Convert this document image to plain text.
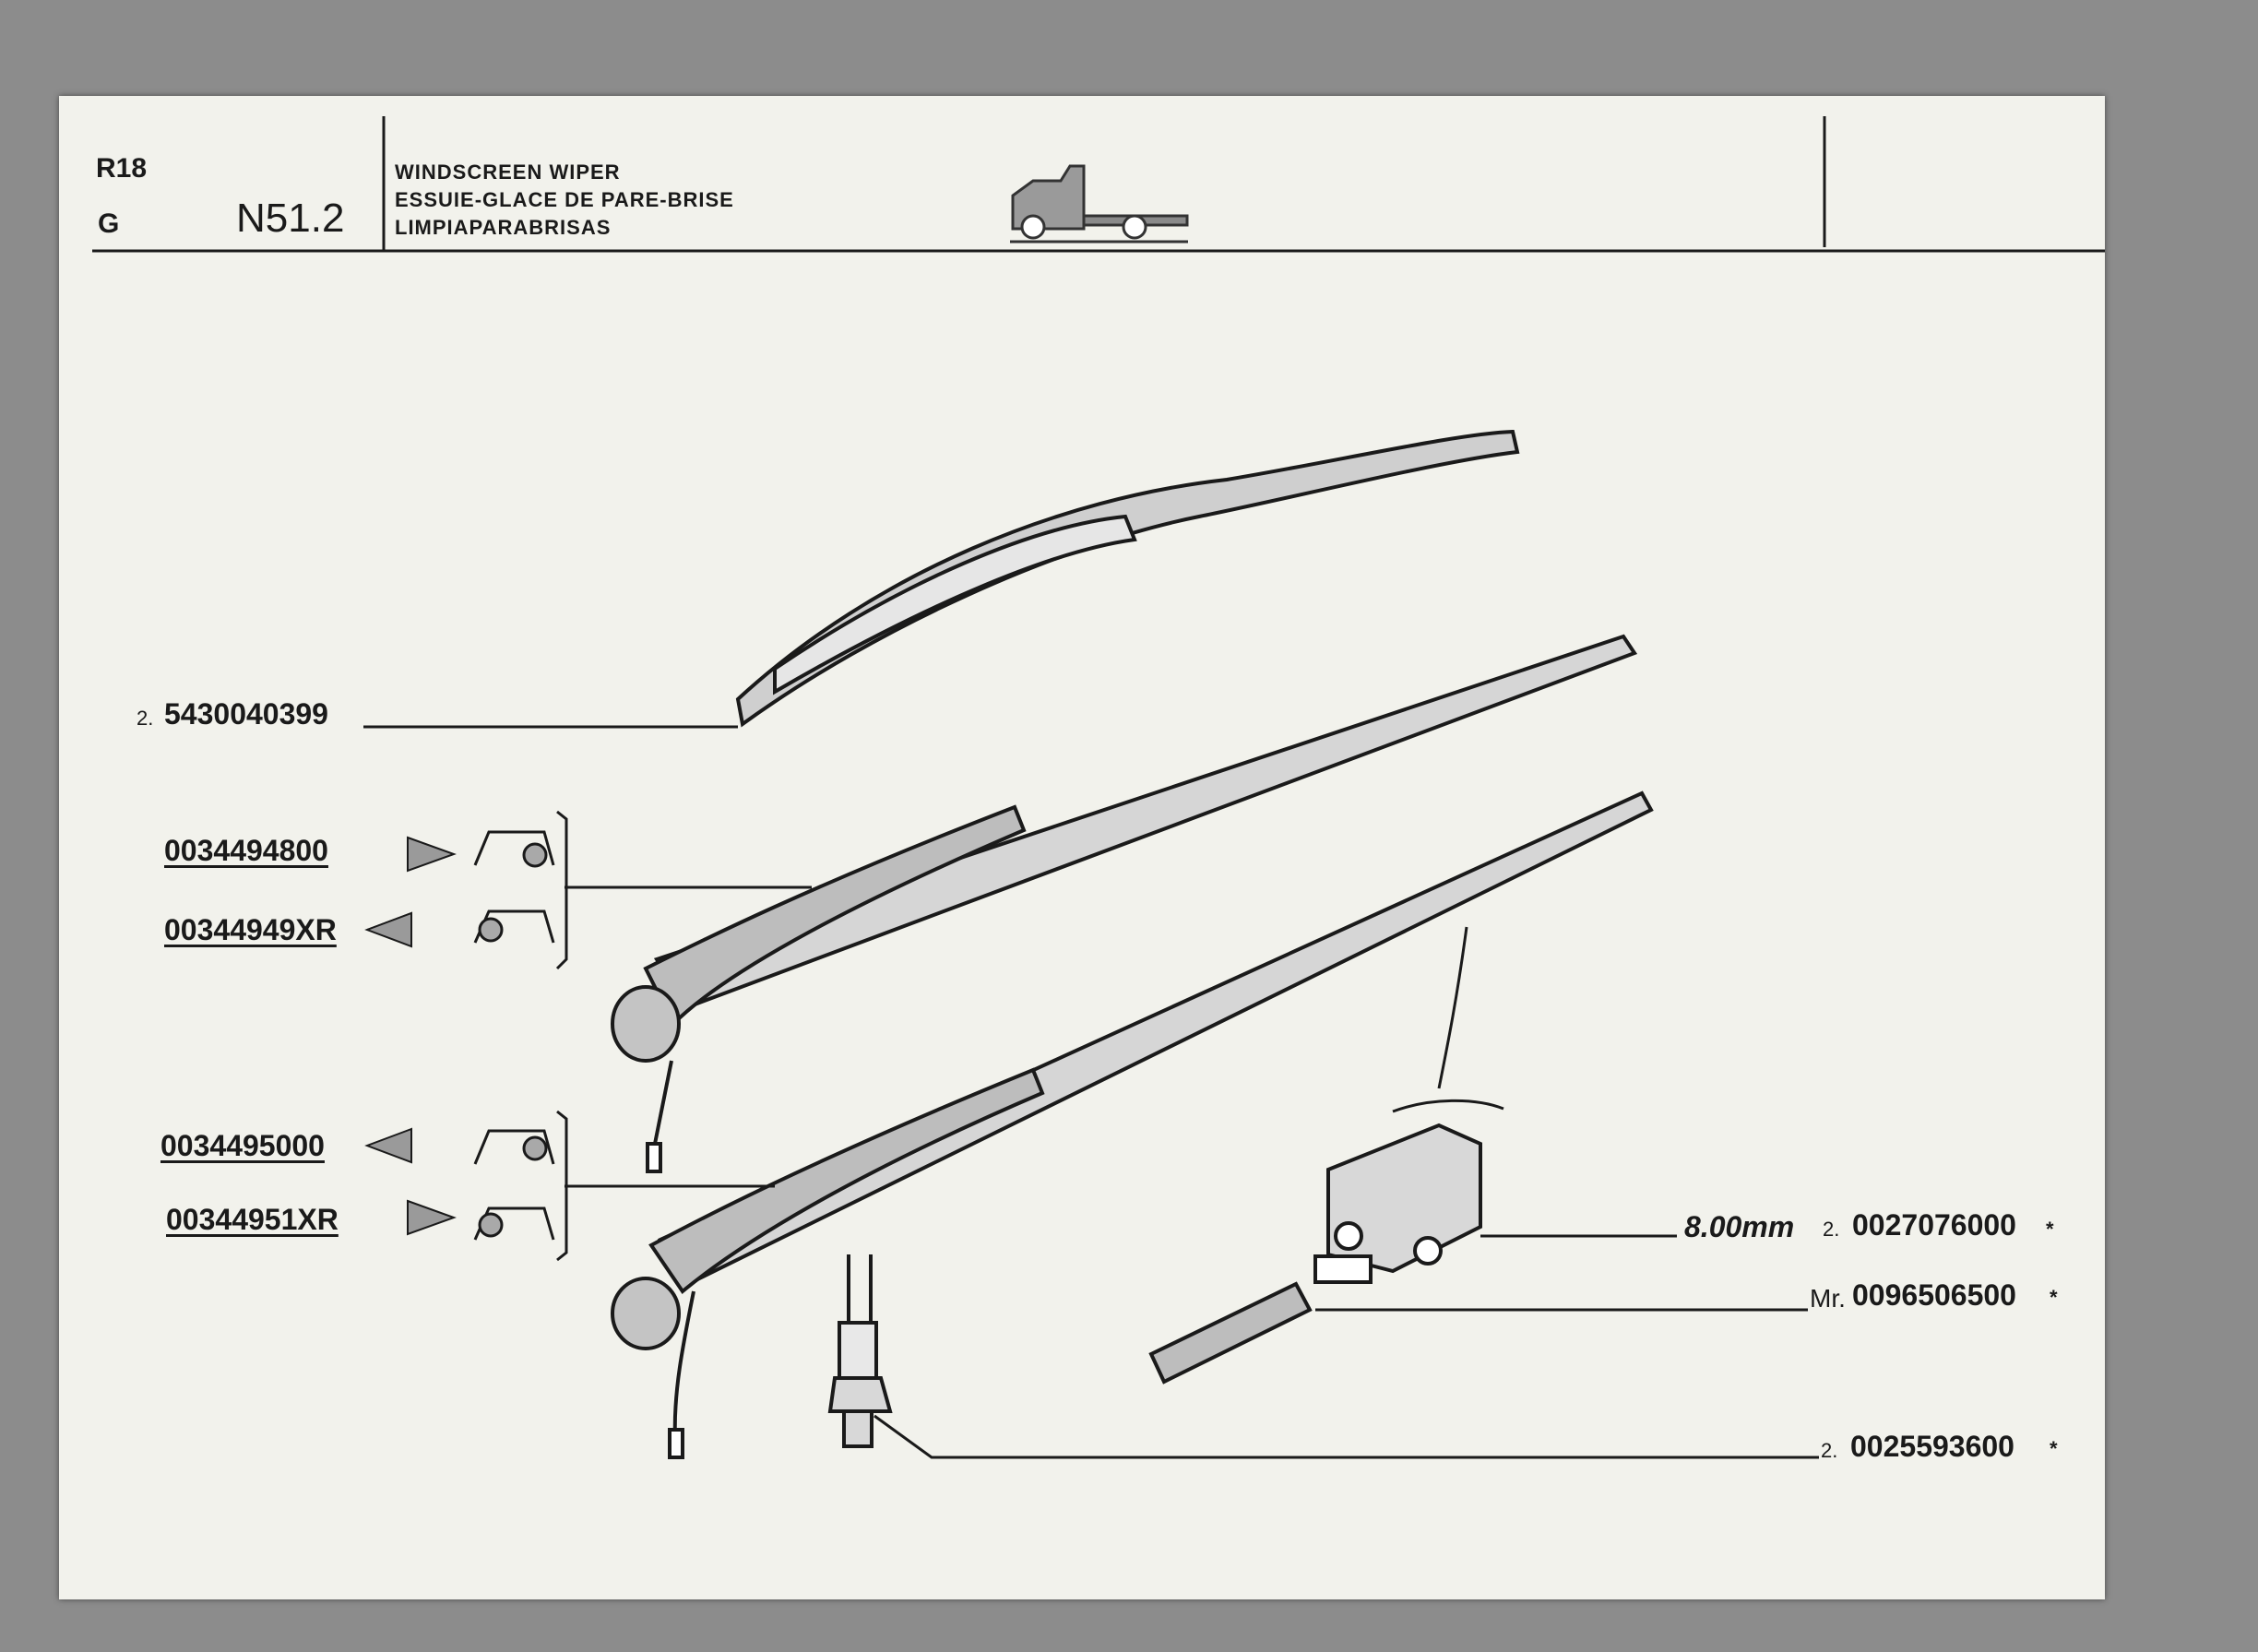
R18
G	N51.2
WINDSCREEN WIPER
ESSUIE-GLACE DE PARE-BRISE
LIMPIAPARABRISAS
2. 5430040399
0034494800
00344949XR
0034495000
00344951XR	8.00mm 2. 0027076000 *
Mr. 0096506500 *
2. 0025593600 *
